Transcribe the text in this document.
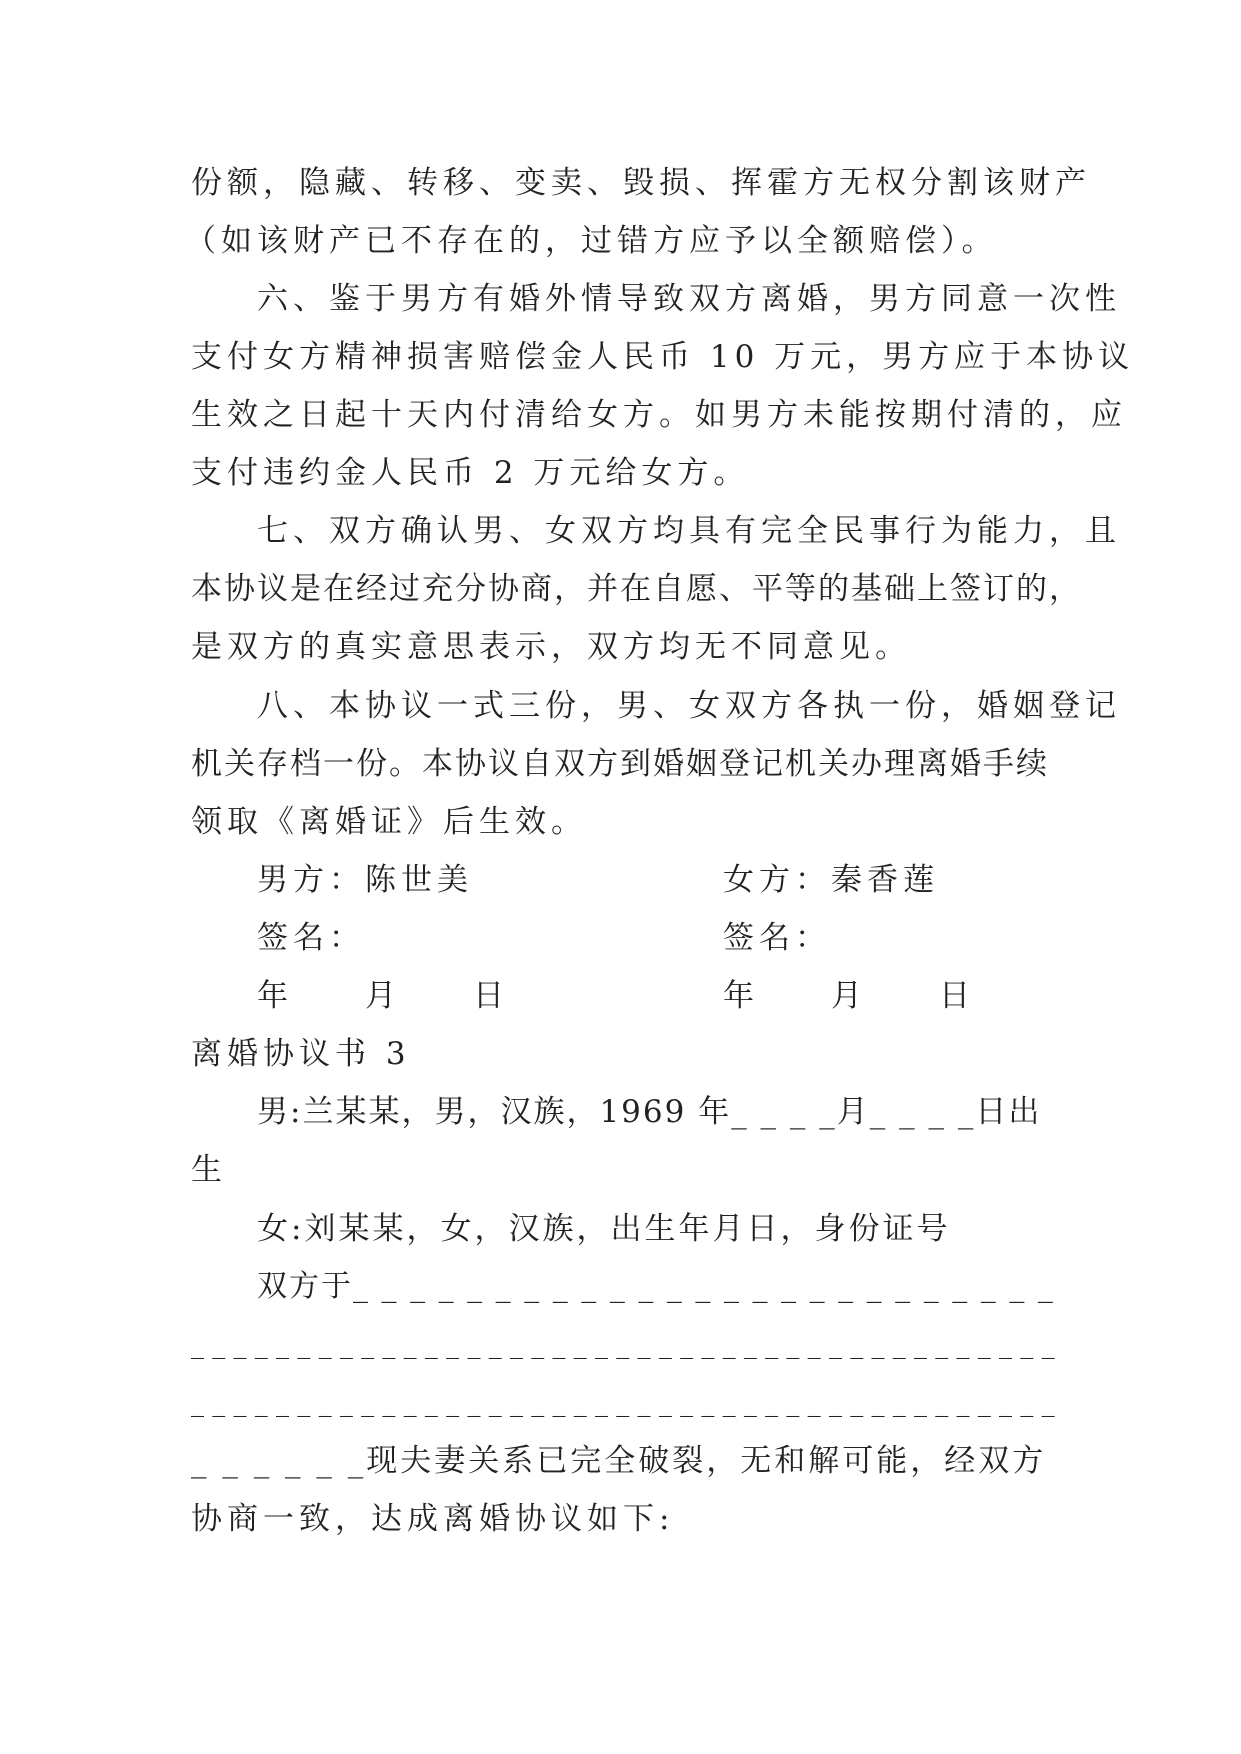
份额，隐藏、转移、变卖、毁损、挥霍方无权分割该财产
（如该财产已不存在的，过错方应予以全额赔偿）。
六、鉴于男方有婚外情导致双方离婚，男方同意一次性
支付女方精神损害赔偿金人民币 10 万元，男方应于本协议
生效之日起十天内付清给女方。如男方未能按期付清的，应
支付违约金人民币 2 万元给女方。
七、双方确认男、女双方均具有完全民事行为能力，且
本协议是在经过充分协商，并在自愿、平等的基础上签订的，
是双方的真实意思表示，双方均无不同意见。
八、本协议一式三份，男、女双方各执一份，婚姻登记
机关存档一份。本协议自双方到婚姻登记机关办理离婚手续
领取《离婚证》后生效。
男方：陈世美	女方：秦香莲
签名：	签名：
年　　月　　日	年　　月　　日
离婚协议书 3
男:兰某某，男，汉族，1969 年_ _ _ _月_ _ _ _日出
生
女:刘某某，女，汉族，出生年月日，身份证号
双方于_ _ _ _ _ _ _ _ _ _ _ _ _ _ _ _ _ _ _ _ _ _ _ _ _
_ _ _ _ _ _ _ _ _ _ _ _ _ _ _ _ _ _ _ _ _ _ _ _ _ _ _ _ _ _ _ _ _ _ _ _ _ _ _ _ _
_ _ _ _ _ _ _ _ _ _ _ _ _ _ _ _ _ _ _ _ _ _ _ _ _ _ _ _ _ _ _ _ _ _ _ _ _ _ _ _ _
_ _ _ _ _ _现夫妻关系已完全破裂，无和解可能，经双方
协商一致，达成离婚协议如下:
